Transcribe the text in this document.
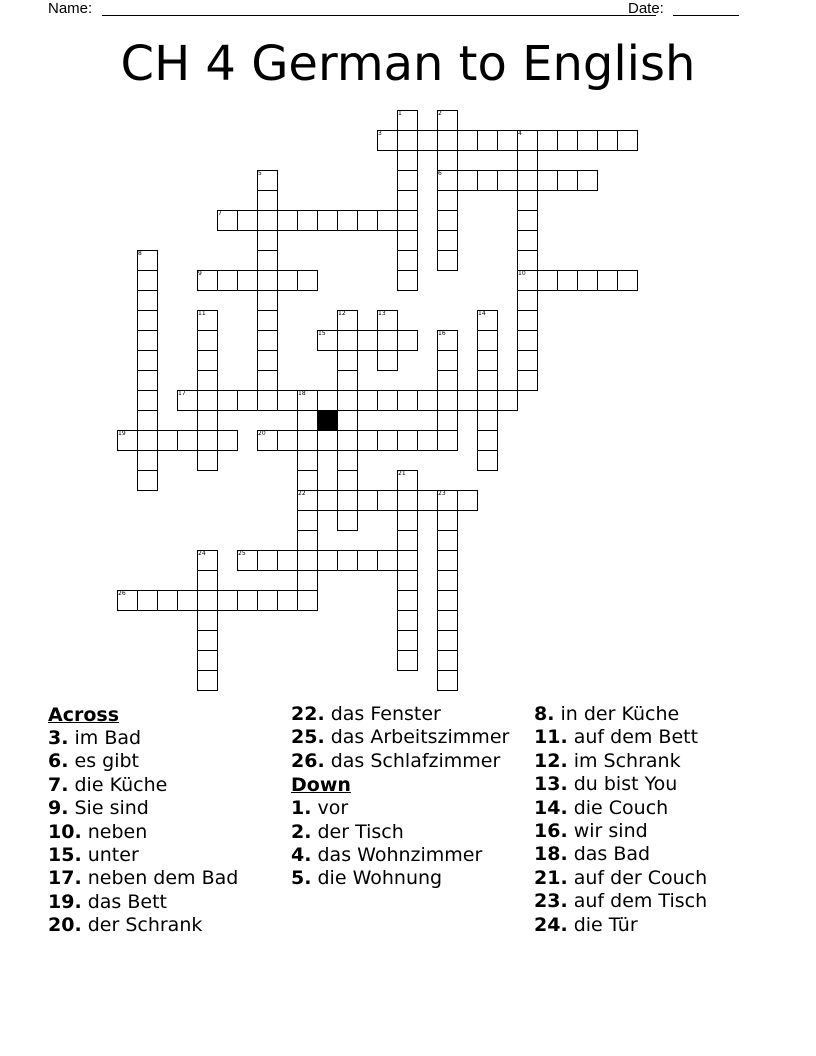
Name:	Date:
CH 4 German to English
1	2
3	4
5	6
7
8
9	10
11	12	13	14
15	16
17	18
19	20
21
22	23
24	25
26
Across
3. im Bad
6. es gibt
7. die Küche
9. Sie sind
10. neben
15. unter
17. neben dem Bad
19. das Bett
20. der Schrank
22. das Fenster
25. das Arbeitszimmer
26. das Schlafzimmer
Down
1. vor
2. der Tisch
4. das Wohnzimmer
5. die Wohnung
8. in der Küche
11. auf dem Bett
12. im Schrank
13. du bist You
14. die Couch
16. wir sind
18. das Bad
21. auf der Couch
23. auf dem Tisch
24. die Tür
